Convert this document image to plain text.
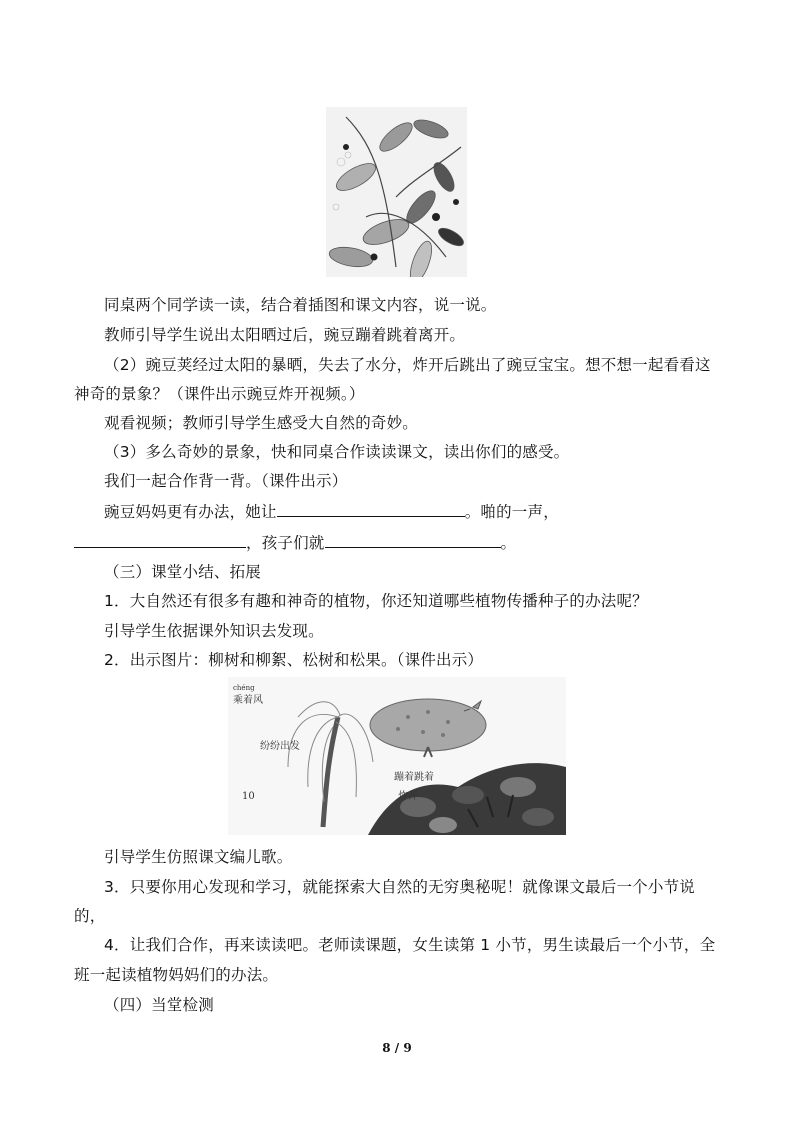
同桌两个同学读一读，结合着插图和课文内容，说一说。
教师引导学生说出太阳晒过后，豌豆蹦着跳着离开。
（2）豌豆荚经过太阳的暴晒，失去了水分，炸开后跳出了豌豆宝宝。想不想一起看看这
神奇的景象？（课件出示豌豆炸开视频。）
观看视频；教师引导学生感受大自然的奇妙。
（3）多么奇妙的景象，快和同桌合作读读课文，读出你们的感受。
我们一起合作背一背。（课件出示）
豌豆妈妈更有办法，她让	。啪的一声，
，孩子们就	。
（三）课堂小结、拓展
1．大自然还有很多有趣和神奇的植物，你还知道哪些植物传播种子的办法呢？
引导学生依据课外知识去发现。
2．出示图片：柳树和柳絮、松树和松果。（课件出示）
chéng
乘着风
纷纷出发
10
蹦着跳着
炸开
引导学生仿照课文编儿歌。
3．只要你用心发现和学习，就能探索大自然的无穷奥秘呢！就像课文最后一个小节说
的，
4．让我们合作，再来读读吧。老师读课题，女生读第 1 小节，男生读最后一个小节，全
班一起读植物妈妈们的办法。
（四）当堂检测
8 / 9
